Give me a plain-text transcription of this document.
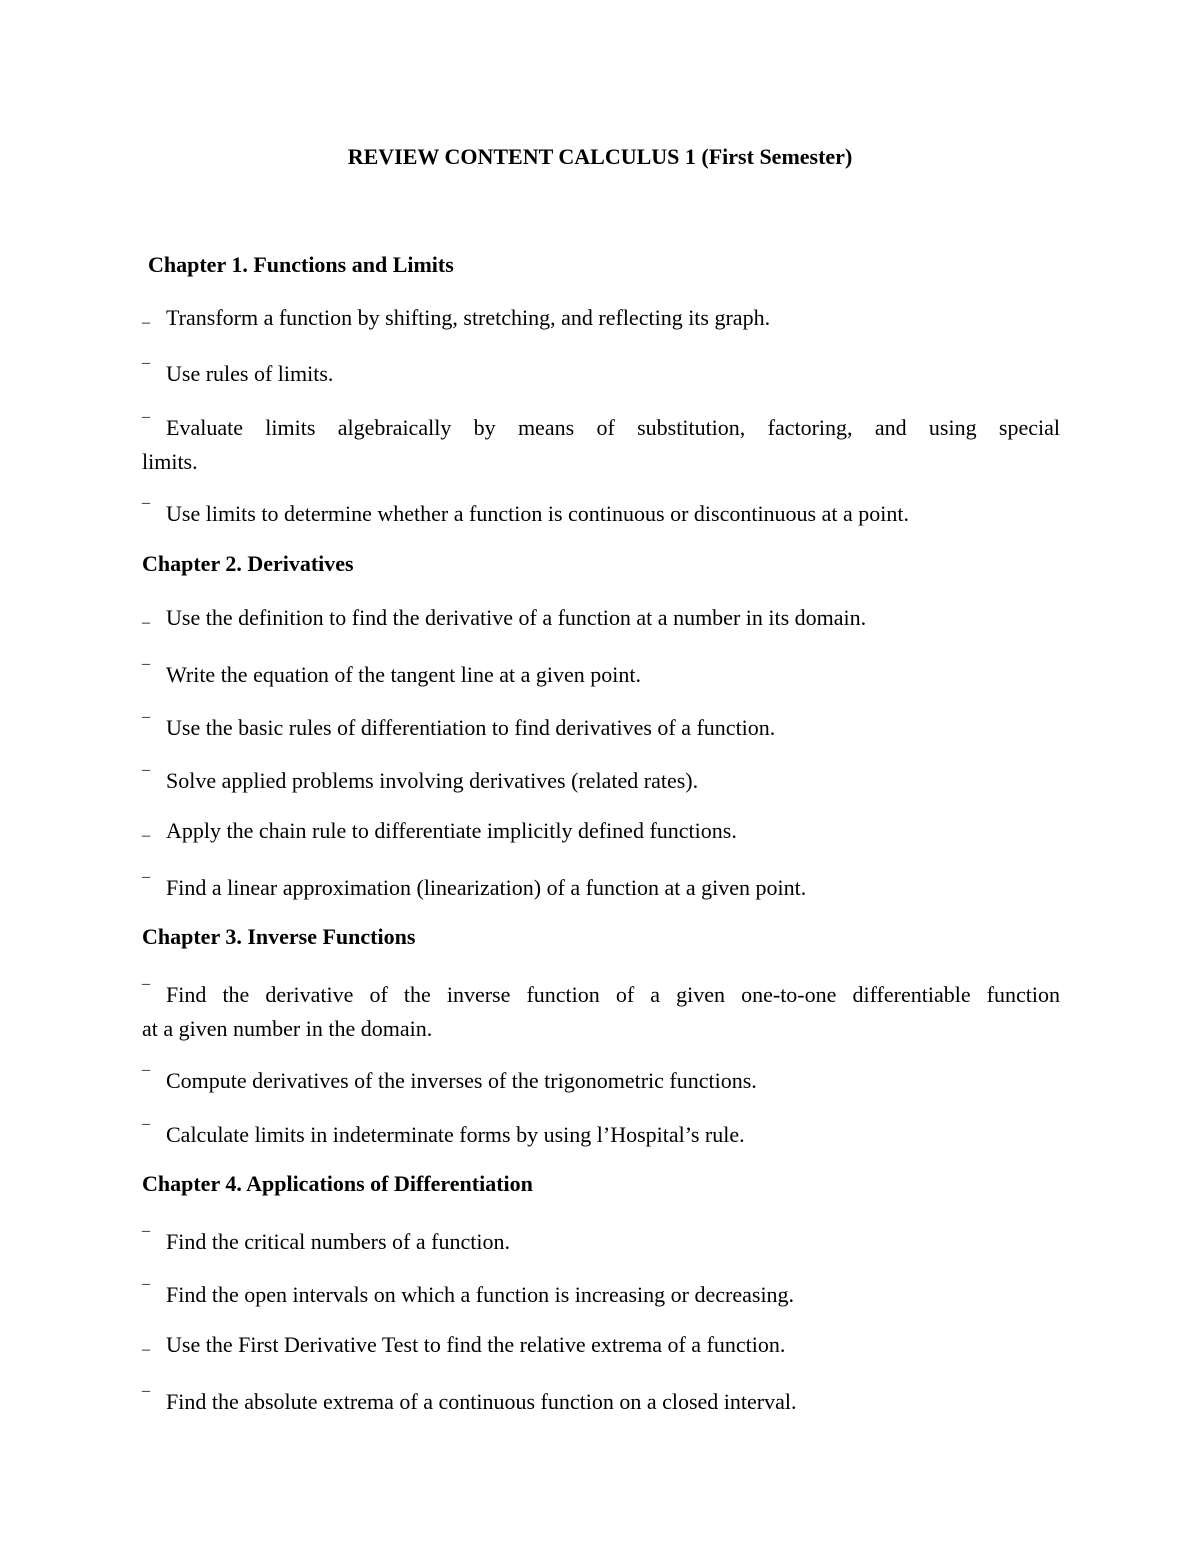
REVIEW CONTENT CALCULUS 1 (First Semester)
Chapter 1. Functions and Limits

– Transform a function by shifting, stretching, and reflecting its graph.

¯ Use rules of limits.

¯ Evaluate limits algebraically by means of substitution, factoring, and using special
limits.

¯ Use limits to determine whether a function is continuous or discontinuous at a point.

Chapter 2. Derivatives

– Use the definition to find the derivative of a function at a number in its domain.

¯ Write the equation of the tangent line at a given point.

¯ Use the basic rules of differentiation to find derivatives of a function.

¯ Solve applied problems involving derivatives (related rates).

– Apply the chain rule to differentiate implicitly defined functions.

¯ Find a linear approximation (linearization) of a function at a given point.

Chapter 3. Inverse Functions

¯ Find the derivative of the inverse function of a given one-to-one differentiable function
at a given number in the domain.

¯ Compute derivatives of the inverses of the trigonometric functions.

¯ Calculate limits in indeterminate forms by using l’Hospital’s rule.

Chapter 4. Applications of Differentiation

¯ Find the critical numbers of a function.

¯ Find the open intervals on which a function is increasing or decreasing.

– Use the First Derivative Test to find the relative extrema of a function.

¯ Find the absolute extrema of a continuous function on a closed interval.
